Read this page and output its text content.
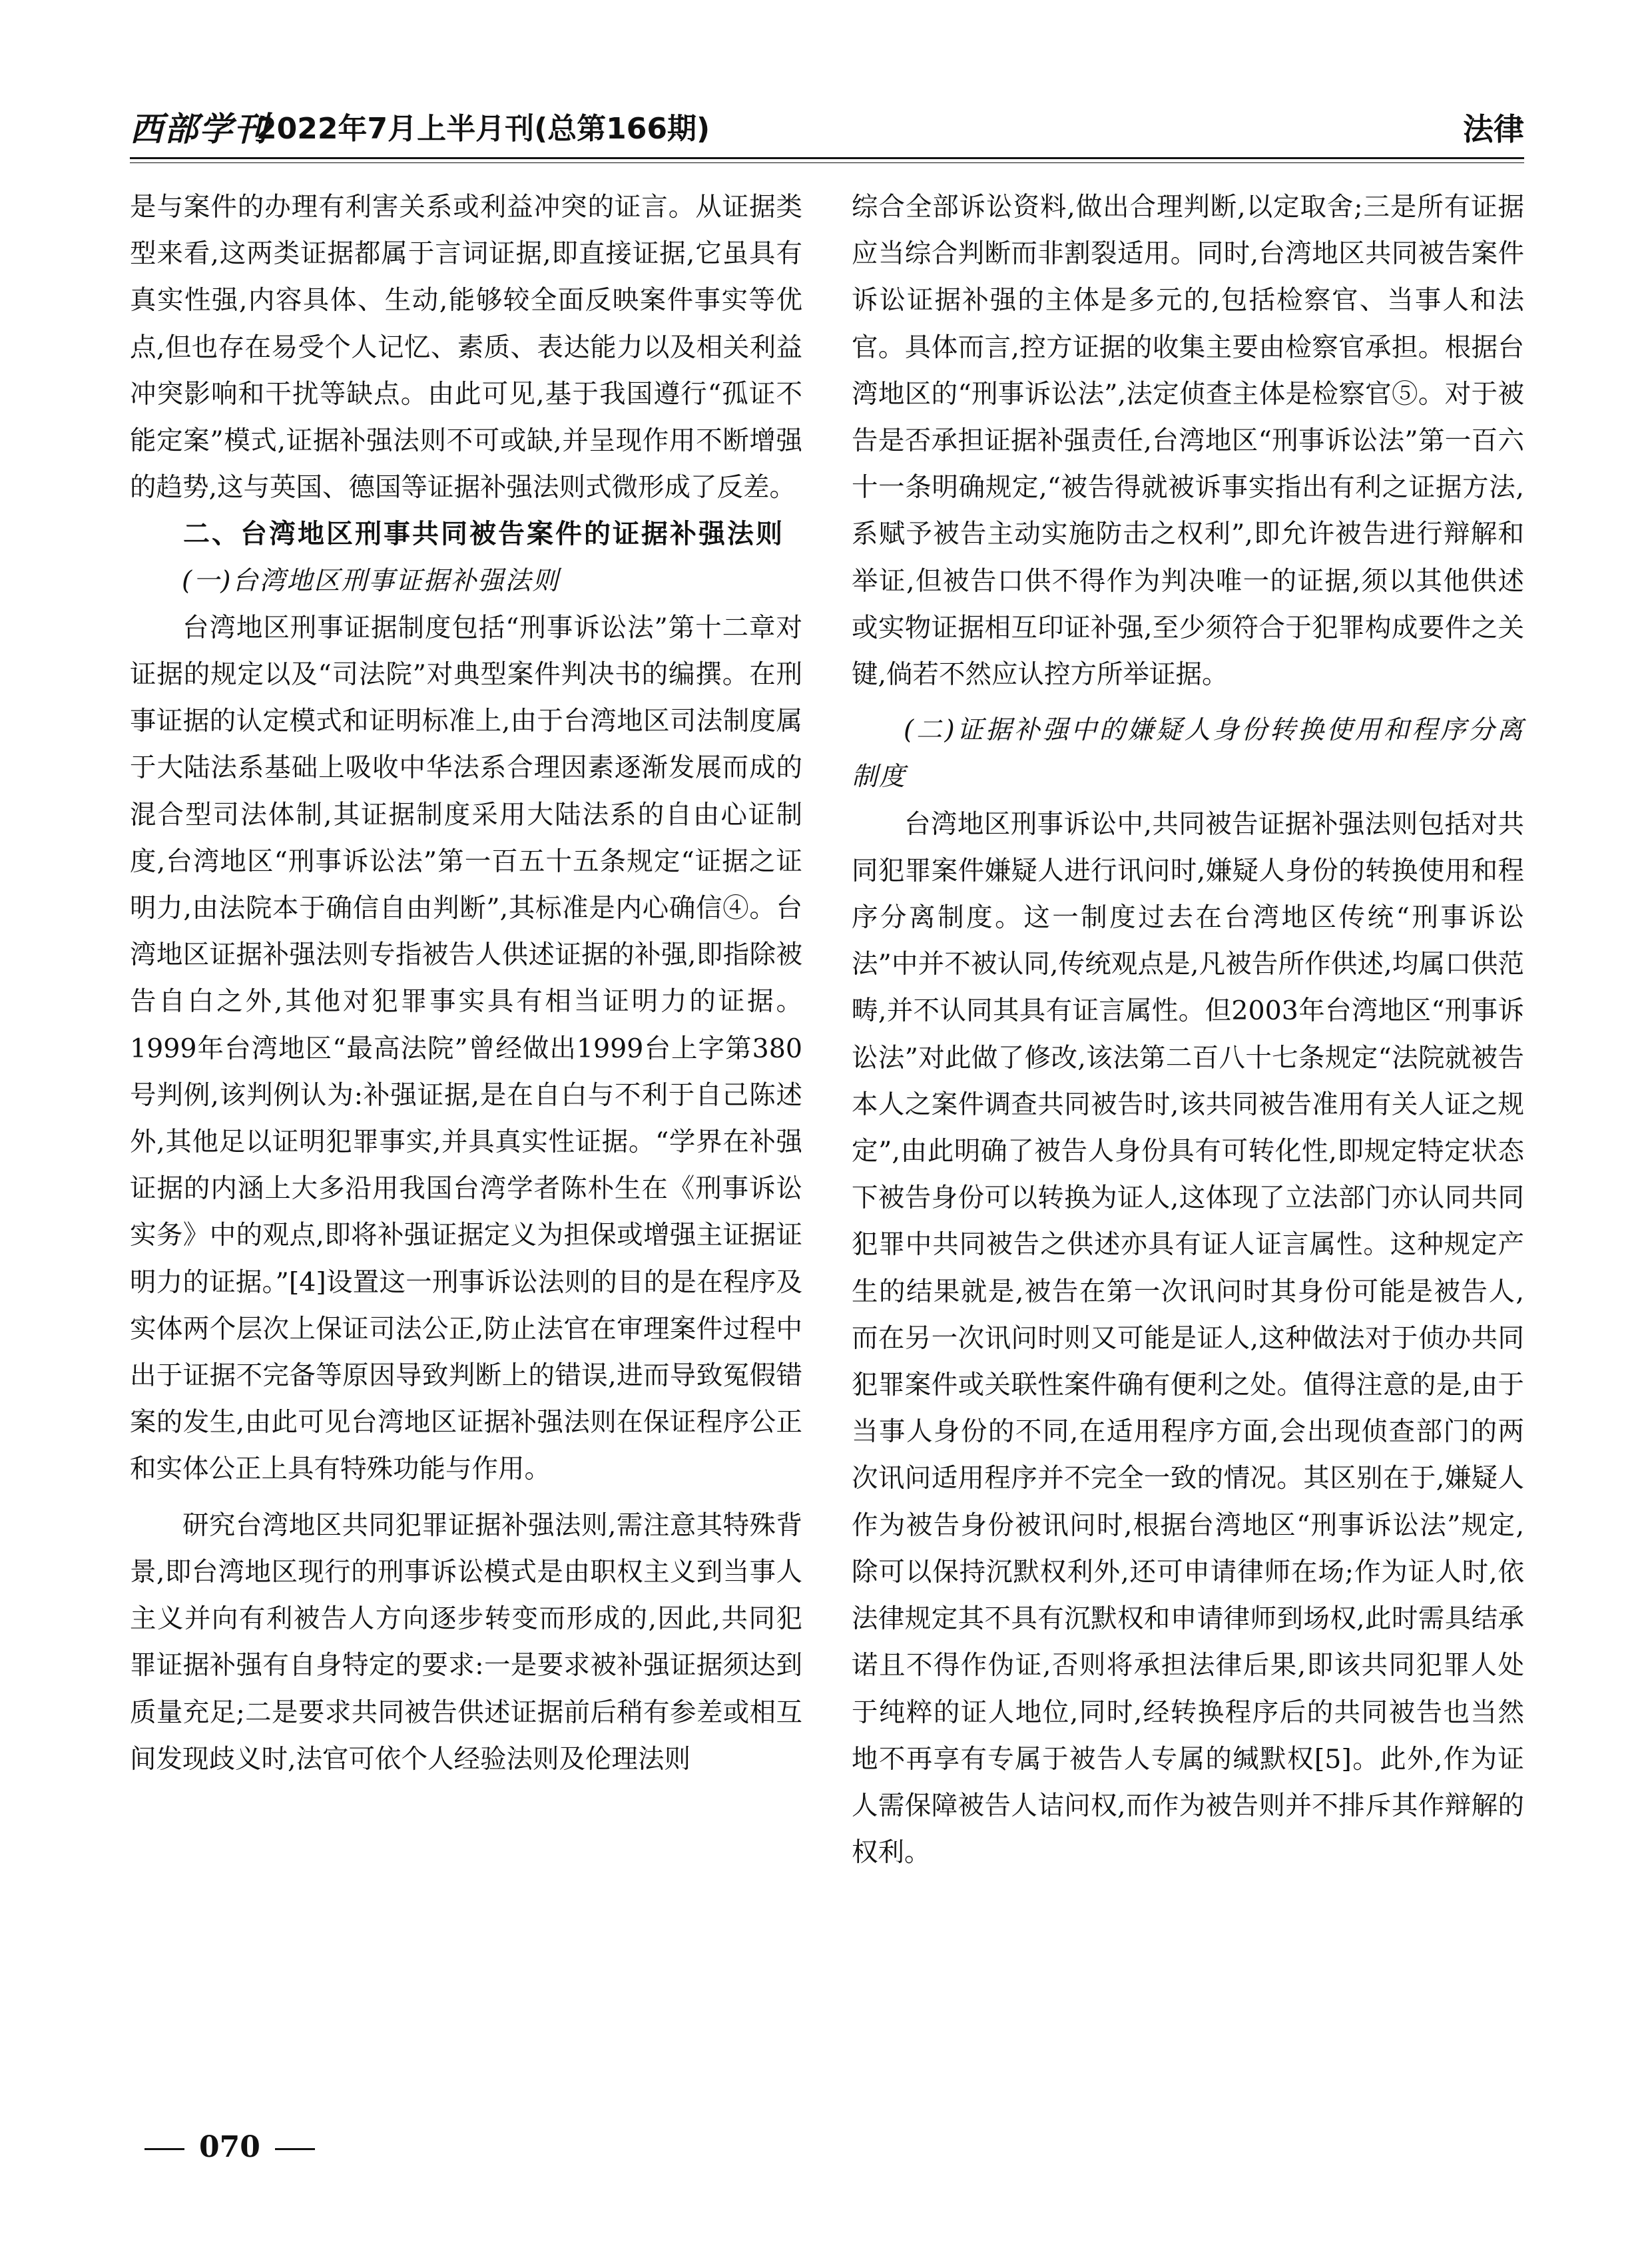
西部学刊
2022年7月上半月刊(总第166期)	法律

是与案件的办理有利害关系或利益冲突的证言。从证据类型来看,这两类证据都属于言词证据,即直接证据,它虽具有真实性强,内容具体、生动,能够较全面反映案件事实等优点,但也存在易受个人记忆、素质、表达能力以及相关利益冲突影响和干扰等缺点。由此可见,基于我国遵行“孤证不能定案”模式,证据补强法则不可或缺,并呈现作用不断增强的趋势,这与英国、德国等证据补强法则式微形成了反差。

二、台湾地区刑事共同被告案件的证据补强法则

(一)台湾地区刑事证据补强法则

台湾地区刑事证据制度包括“刑事诉讼法”第十二章对证据的规定以及“司法院”对典型案件判决书的编撰。在刑事证据的认定模式和证明标准上,由于台湾地区司法制度属于大陆法系基础上吸收中华法系合理因素逐渐发展而成的混合型司法体制,其证据制度采用大陆法系的自由心证制度,台湾地区“刑事诉讼法”第一百五十五条规定“证据之证明力,由法院本于确信自由判断”,其标准是内心确信④。台湾地区证据补强法则专指被告人供述证据的补强,即指除被告自白之外,其他对犯罪事实具有相当证明力的证据。1999年台湾地区“最高法院”曾经做出1999台上字第380号判例,该判例认为:补强证据,是在自白与不利于自己陈述外,其他足以证明犯罪事实,并具真实性证据。“学界在补强证据的内涵上大多沿用我国台湾学者陈朴生在《刑事诉讼实务》中的观点,即将补强证据定义为担保或增强主证据证明力的证据。”[4]设置这一刑事诉讼法则的目的是在程序及实体两个层次上保证司法公正,防止法官在审理案件过程中出于证据不完备等原因导致判断上的错误,进而导致冤假错案的发生,由此可见台湾地区证据补强法则在保证程序公正和实体公正上具有特殊功能与作用。

研究台湾地区共同犯罪证据补强法则,需注意其特殊背景,即台湾地区现行的刑事诉讼模式是由职权主义到当事人主义并向有利被告人方向逐步转变而形成的,因此,共同犯罪证据补强有自身特定的要求:一是要求被补强证据须达到质量充足;二是要求共同被告供述证据前后稍有参差或相互间发现歧义时,法官可依个人经验法则及伦理法则

综合全部诉讼资料,做出合理判断,以定取舍;三是所有证据应当综合判断而非割裂适用。同时,台湾地区共同被告案件诉讼证据补强的主体是多元的,包括检察官、当事人和法官。具体而言,控方证据的收集主要由检察官承担。根据台湾地区的“刑事诉讼法”,法定侦查主体是检察官⑤。对于被告是否承担证据补强责任,台湾地区“刑事诉讼法”第一百六十一条明确规定,“被告得就被诉事实指出有利之证据方法,系赋予被告主动实施防击之权利”,即允许被告进行辩解和举证,但被告口供不得作为判决唯一的证据,须以其他供述或实物证据相互印证补强,至少须符合于犯罪构成要件之关键,倘若不然应认控方所举证据。

(二)证据补强中的嫌疑人身份转换使用和程序分离制度

台湾地区刑事诉讼中,共同被告证据补强法则包括对共同犯罪案件嫌疑人进行讯问时,嫌疑人身份的转换使用和程序分离制度。这一制度过去在台湾地区传统“刑事诉讼法”中并不被认同,传统观点是,凡被告所作供述,均属口供范畴,并不认同其具有证言属性。但2003年台湾地区“刑事诉讼法”对此做了修改,该法第二百八十七条规定“法院就被告本人之案件调查共同被告时,该共同被告准用有关人证之规定”,由此明确了被告人身份具有可转化性,即规定特定状态下被告身份可以转换为证人,这体现了立法部门亦认同共同犯罪中共同被告之供述亦具有证人证言属性。这种规定产生的结果就是,被告在第一次讯问时其身份可能是被告人,而在另一次讯问时则又可能是证人,这种做法对于侦办共同犯罪案件或关联性案件确有便利之处。值得注意的是,由于当事人身份的不同,在适用程序方面,会出现侦查部门的两次讯问适用程序并不完全一致的情况。其区别在于,嫌疑人作为被告身份被讯问时,根据台湾地区“刑事诉讼法”规定,除可以保持沉默权利外,还可申请律师在场;作为证人时,依法律规定其不具有沉默权和申请律师到场权,此时需具结承诺且不得作伪证,否则将承担法律后果,即该共同犯罪人处于纯粹的证人地位,同时,经转换程序后的共同被告也当然地不再享有专属于被告人专属的缄默权[5]。此外,作为证人需保障被告人诘问权,而作为被告则并不排斥其作辩解的权利。

070
